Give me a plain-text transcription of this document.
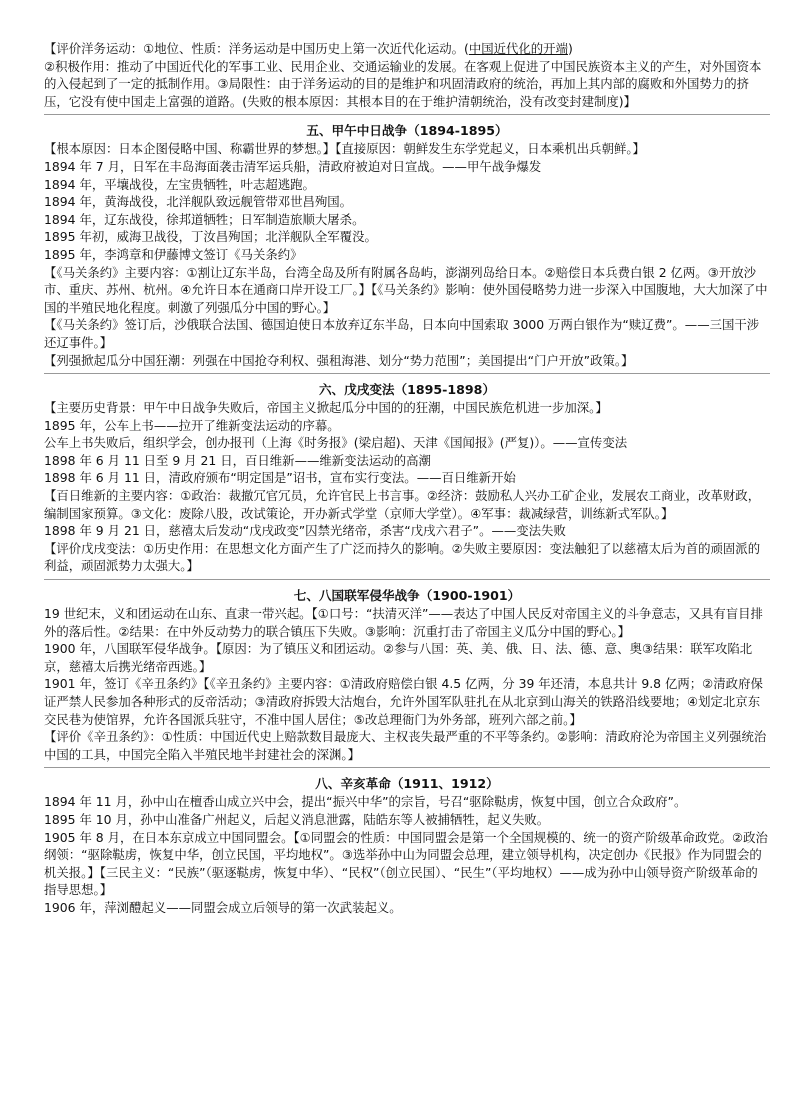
【评价洋务运动：①地位、性质：洋务运动是中国历史上第一次近代化运动。(中国近代化的开端)

②积极作用：推动了中国近代化的军事工业、民用企业、交通运输业的发展。在客观上促进了中国民族资本主义的产生，对外国资本的入侵起到了一定的抵制作用。③局限性：由于洋务运动的目的是维护和巩固清政府的统治，再加上其内部的腐败和外国势力的挤压，它没有使中国走上富强的道路。(失败的根本原因：其根本目的在于维护清朝统治，没有改变封建制度)】

五、甲午中日战争（1894-1895）

【根本原因：日本企图侵略中国、称霸世界的梦想。】【直接原因：朝鲜发生东学党起义，日本乘机出兵朝鲜。】

1894 年 7 月，日军在丰岛海面袭击清军运兵船，清政府被迫对日宣战。——甲午战争爆发

1894 年，平壤战役，左宝贵牺牲，叶志超逃跑。

1894 年，黄海战役，北洋舰队致远舰管带邓世昌殉国。

1894 年，辽东战役，徐邦道牺牲；日军制造旅顺大屠杀。

1895 年初，威海卫战役，丁汝昌殉国；北洋舰队全军覆没。

1895 年，李鸿章和伊藤博文签订《马关条约》

【《马关条约》主要内容：①割让辽东半岛，台湾全岛及所有附属各岛屿，澎湖列岛给日本。②赔偿日本兵费白银 2 亿两。③开放沙市、重庆、苏州、杭州。④允许日本在通商口岸开设工厂。】【《马关条约》影响：使外国侵略势力进一步深入中国腹地，大大加深了中国的半殖民地化程度。刺激了列强瓜分中国的野心。】

【《马关条约》签订后，沙俄联合法国、德国迫使日本放弃辽东半岛，日本向中国索取 3000 万两白银作为“赎辽费”。——三国干涉还辽事件。】

【列强掀起瓜分中国狂潮：列强在中国抢夺利权、强租海港、划分“势力范围”；美国提出“门户开放”政策。】

六、戊戌变法（1895-1898）

【主要历史背景：甲午中日战争失败后，帝国主义掀起瓜分中国的的狂潮，中国民族危机进一步加深。】

1895 年，公车上书——拉开了维新变法运动的序幕。

公车上书失败后，组织学会，创办报刊（上海《时务报》(梁启超)、天津《国闻报》(严复)）。——宣传变法

1898 年 6 月 11 日至 9 月 21 日，百日维新——维新变法运动的高潮

1898 年 6 月 11 日，清政府颁布“明定国是”诏书，宣布实行变法。——百日维新开始

【百日维新的主要内容：①政治：裁撤冗官冗员，允许官民上书言事。②经济：鼓励私人兴办工矿企业，发展农工商业，改革财政，编制国家预算。③文化：废除八股，改试策论，开办新式学堂（京师大学堂）。④军事：裁减绿营，训练新式军队。】

1898 年 9 月 21 日，慈禧太后发动“戊戌政变”囚禁光绪帝，杀害“戊戌六君子”。——变法失败

【评价戊戌变法：①历史作用：在思想文化方面产生了广泛而持久的影响。②失败主要原因：变法触犯了以慈禧太后为首的顽固派的利益，顽固派势力太强大。】

七、八国联军侵华战争（1900-1901）

19 世纪末，义和团运动在山东、直隶一带兴起。【①口号：“扶清灭洋”——表达了中国人民反对帝国主义的斗争意志，又具有盲目排外的落后性。②结果：在中外反动势力的联合镇压下失败。③影响：沉重打击了帝国主义瓜分中国的野心。】

1900 年，八国联军侵华战争。【原因：为了镇压义和团运动。②参与八国：英、美、俄、日、法、德、意、奥③结果：联军攻陷北京，慈禧太后携光绪帝西逃。】

1901 年，签订《辛丑条约》【《辛丑条约》主要内容：①清政府赔偿白银 4.5 亿两，分 39 年还清，本息共计 9.8 亿两；②清政府保证严禁人民参加各种形式的反帝活动；③清政府拆毁大沽炮台，允许外国军队驻扎在从北京到山海关的铁路沿线要地；④划定北京东交民巷为使馆界，允许各国派兵驻守，不准中国人居住；⑤改总理衙门为外务部，班列六部之前。】

【评价《辛丑条约》：①性质：中国近代史上赔款数目最庞大、主权丧失最严重的不平等条约。②影响：清政府沦为帝国主义列强统治中国的工具，中国完全陷入半殖民地半封建社会的深渊。】

八、辛亥革命（1911、1912）

1894 年 11 月，孙中山在檀香山成立兴中会，提出“振兴中华”的宗旨，号召“驱除鞑虏，恢复中国，创立合众政府”。

1895 年 10 月，孙中山准备广州起义，后起义消息泄露，陆皓东等人被捕牺牲，起义失败。

1905 年 8 月，在日本东京成立中国同盟会。【①同盟会的性质：中国同盟会是第一个全国规模的、统一的资产阶级革命政党。②政治纲领：“驱除鞑虏，恢复中华，创立民国，平均地权”。③选举孙中山为同盟会总理，建立领导机构，决定创办《民报》作为同盟会的机关报。】【三民主义：“民族”（驱逐鞑虏，恢复中华）、“民权”（创立民国）、“民生”（平均地权）——成为孙中山领导资产阶级革命的指导思想。】

1906 年，萍浏醴起义——同盟会成立后领导的第一次武装起义。
